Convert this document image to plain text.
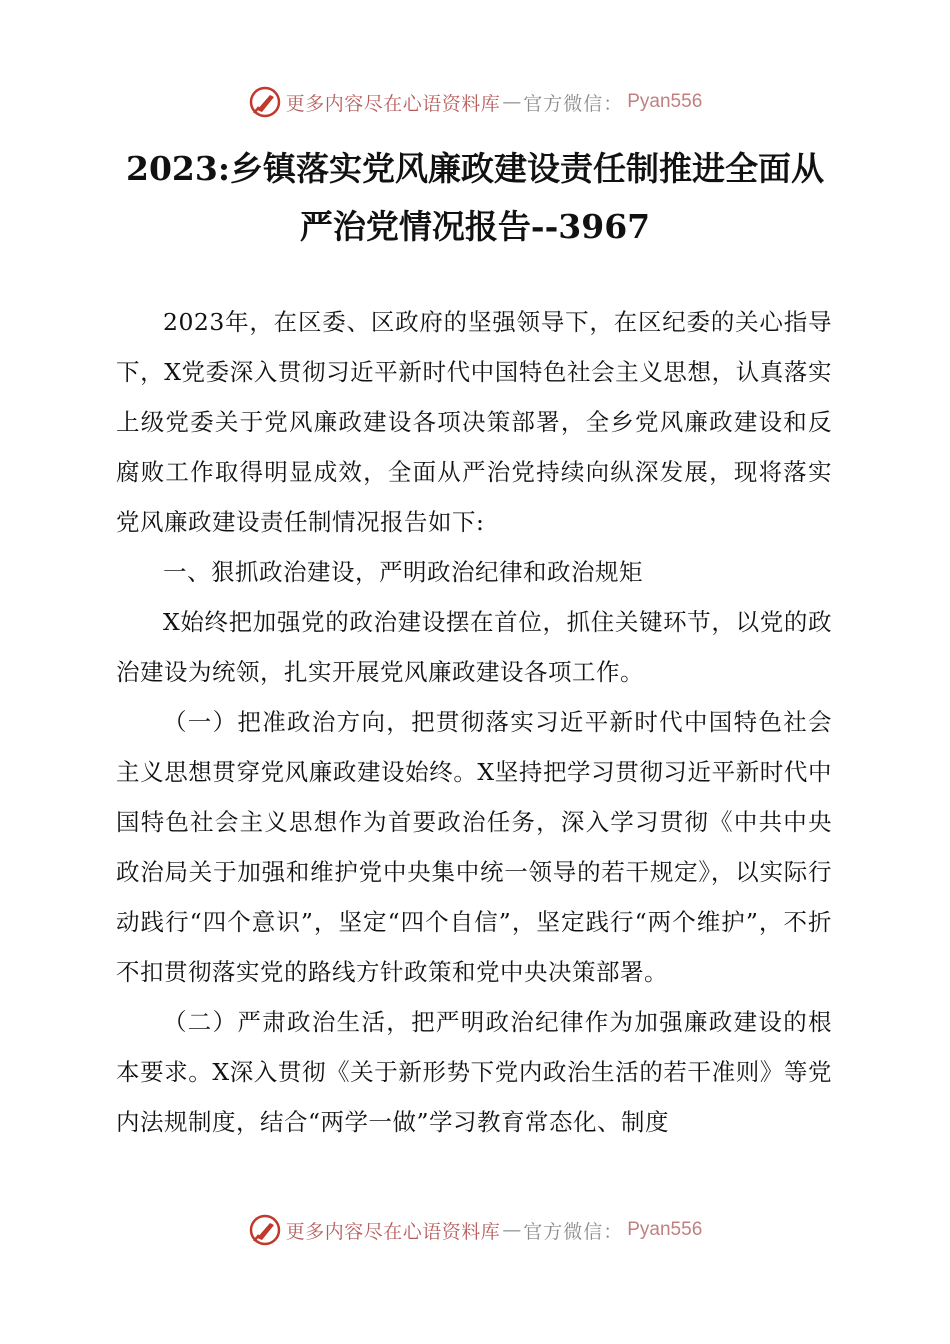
更多内容尽在心语资料库 — 官方微信： Pyan556
2023:乡镇落实党风廉政建设责任制推进全面从严治党情况报告--3967

2023年，在区委、区政府的坚强领导下，在区纪委的关心指导下，X党委深入贯彻习近平新时代中国特色社会主义思想，认真落实上级党委关于党风廉政建设各项决策部署，全乡党风廉政建设和反腐败工作取得明显成效，全面从严治党持续向纵深发展，现将落实党风廉政建设责任制情况报告如下:

一、狠抓政治建设，严明政治纪律和政治规矩

X始终把加强党的政治建设摆在首位，抓住关键环节，以党的政治建设为统领，扎实开展党风廉政建设各项工作。

（一）把准政治方向，把贯彻落实习近平新时代中国特色社会主义思想贯穿党风廉政建设始终。X坚持把学习贯彻习近平新时代中国特色社会主义思想作为首要政治任务，深入学习贯彻《中共中央政治局关于加强和维护党中央集中统一领导的若干规定》，以实际行动践行“四个意识”，坚定“四个自信”，坚定践行“两个维护”，不折不扣贯彻落实党的路线方针政策和党中央决策部署。

（二）严肃政治生活，把严明政治纪律作为加强廉政建设的根本要求。X深入贯彻《关于新形势下党内政治生活的若干准则》等党内法规制度，结合“两学一做”学习教育常态化、制度

更多内容尽在心语资料库 — 官方微信： Pyan556
